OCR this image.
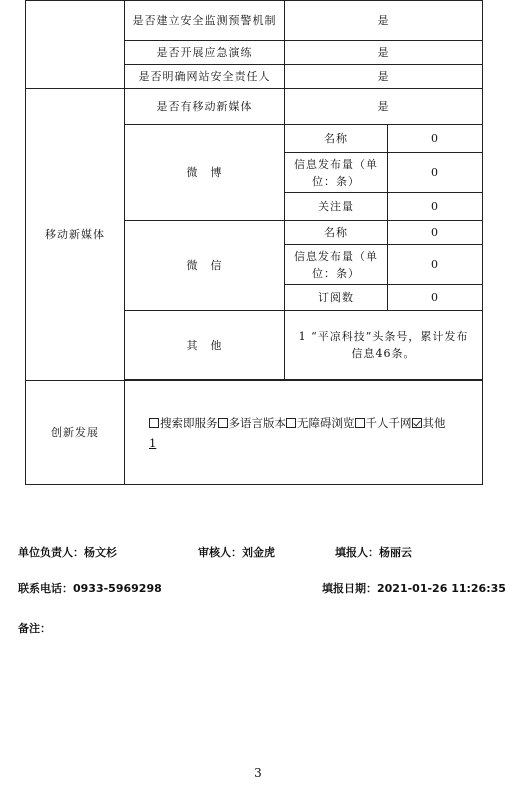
	是否建立安全监测预警机制	是	
	是否开展应急演练	是	
	是否明确网站安全责任人	是	
移动新媒体	是否有移动新媒体	是	
	微　博	名称	0
		信息发布量（单位：条）	0
		关注量	0
	微　信	名称	0
		信息发布量（单位：条）	0
		订阅数	0
	其　他	1 “平凉科技”头条号，累计发布信息46条。	

创新发展	搜索即服务 多语言版本 无障碍浏览 千人千网 其他
1		
单位负责人：杨文杉	审核人：刘金虎	填报人：杨丽云
联系电话：0933-5969298	填报日期：2021-01-26 11:26:35
备注：
3
